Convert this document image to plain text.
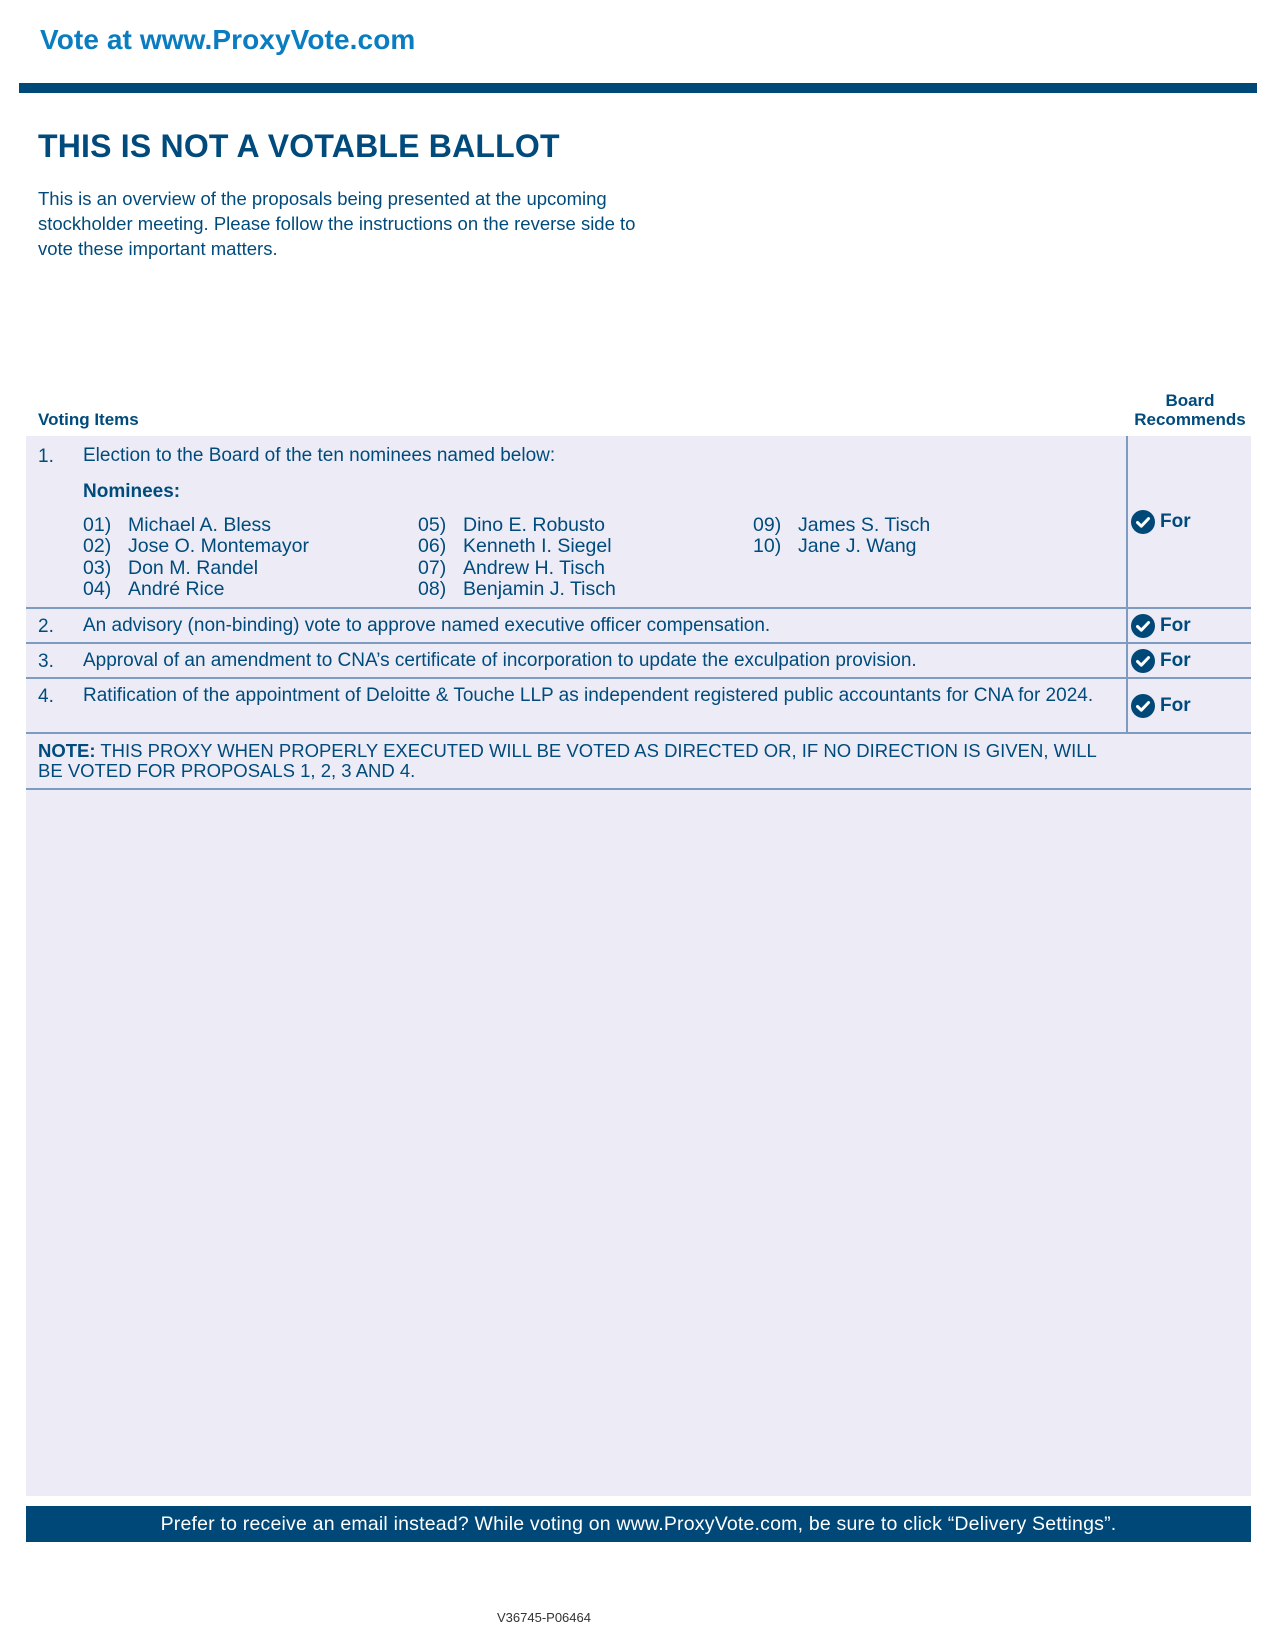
Vote at www.ProxyVote.com
THIS IS NOT A VOTABLE BALLOT
This is an overview of the proposals being presented at the upcoming stockholder meeting. Please follow the instructions on the reverse side to vote these important matters.
Voting Items
Board
Recommends
1. Election to the Board of the ten nominees named below:
Nominees:
01) Michael A. Bless
02) Jose O. Montemayor
03) Don M. Randel
04) André Rice
05) Dino E. Robusto
06) Kenneth I. Siegel
07) Andrew H. Tisch
08) Benjamin J. Tisch
09) James S. Tisch
10) Jane J. Wang
For
2. An advisory (non-binding) vote to approve named executive officer compensation.	For
3. Approval of an amendment to CNA’s certificate of incorporation to update the exculpation provision.	For
4. Ratification of the appointment of Deloitte & Touche LLP as independent registered public accountants for CNA for 2024.	For
NOTE: THIS PROXY WHEN PROPERLY EXECUTED WILL BE VOTED AS DIRECTED OR, IF NO DIRECTION IS GIVEN, WILL BE VOTED FOR PROPOSALS 1, 2, 3 AND 4.
Prefer to receive an email instead? While voting on www.ProxyVote.com, be sure to click “Delivery Settings”.
V36745-P06464
